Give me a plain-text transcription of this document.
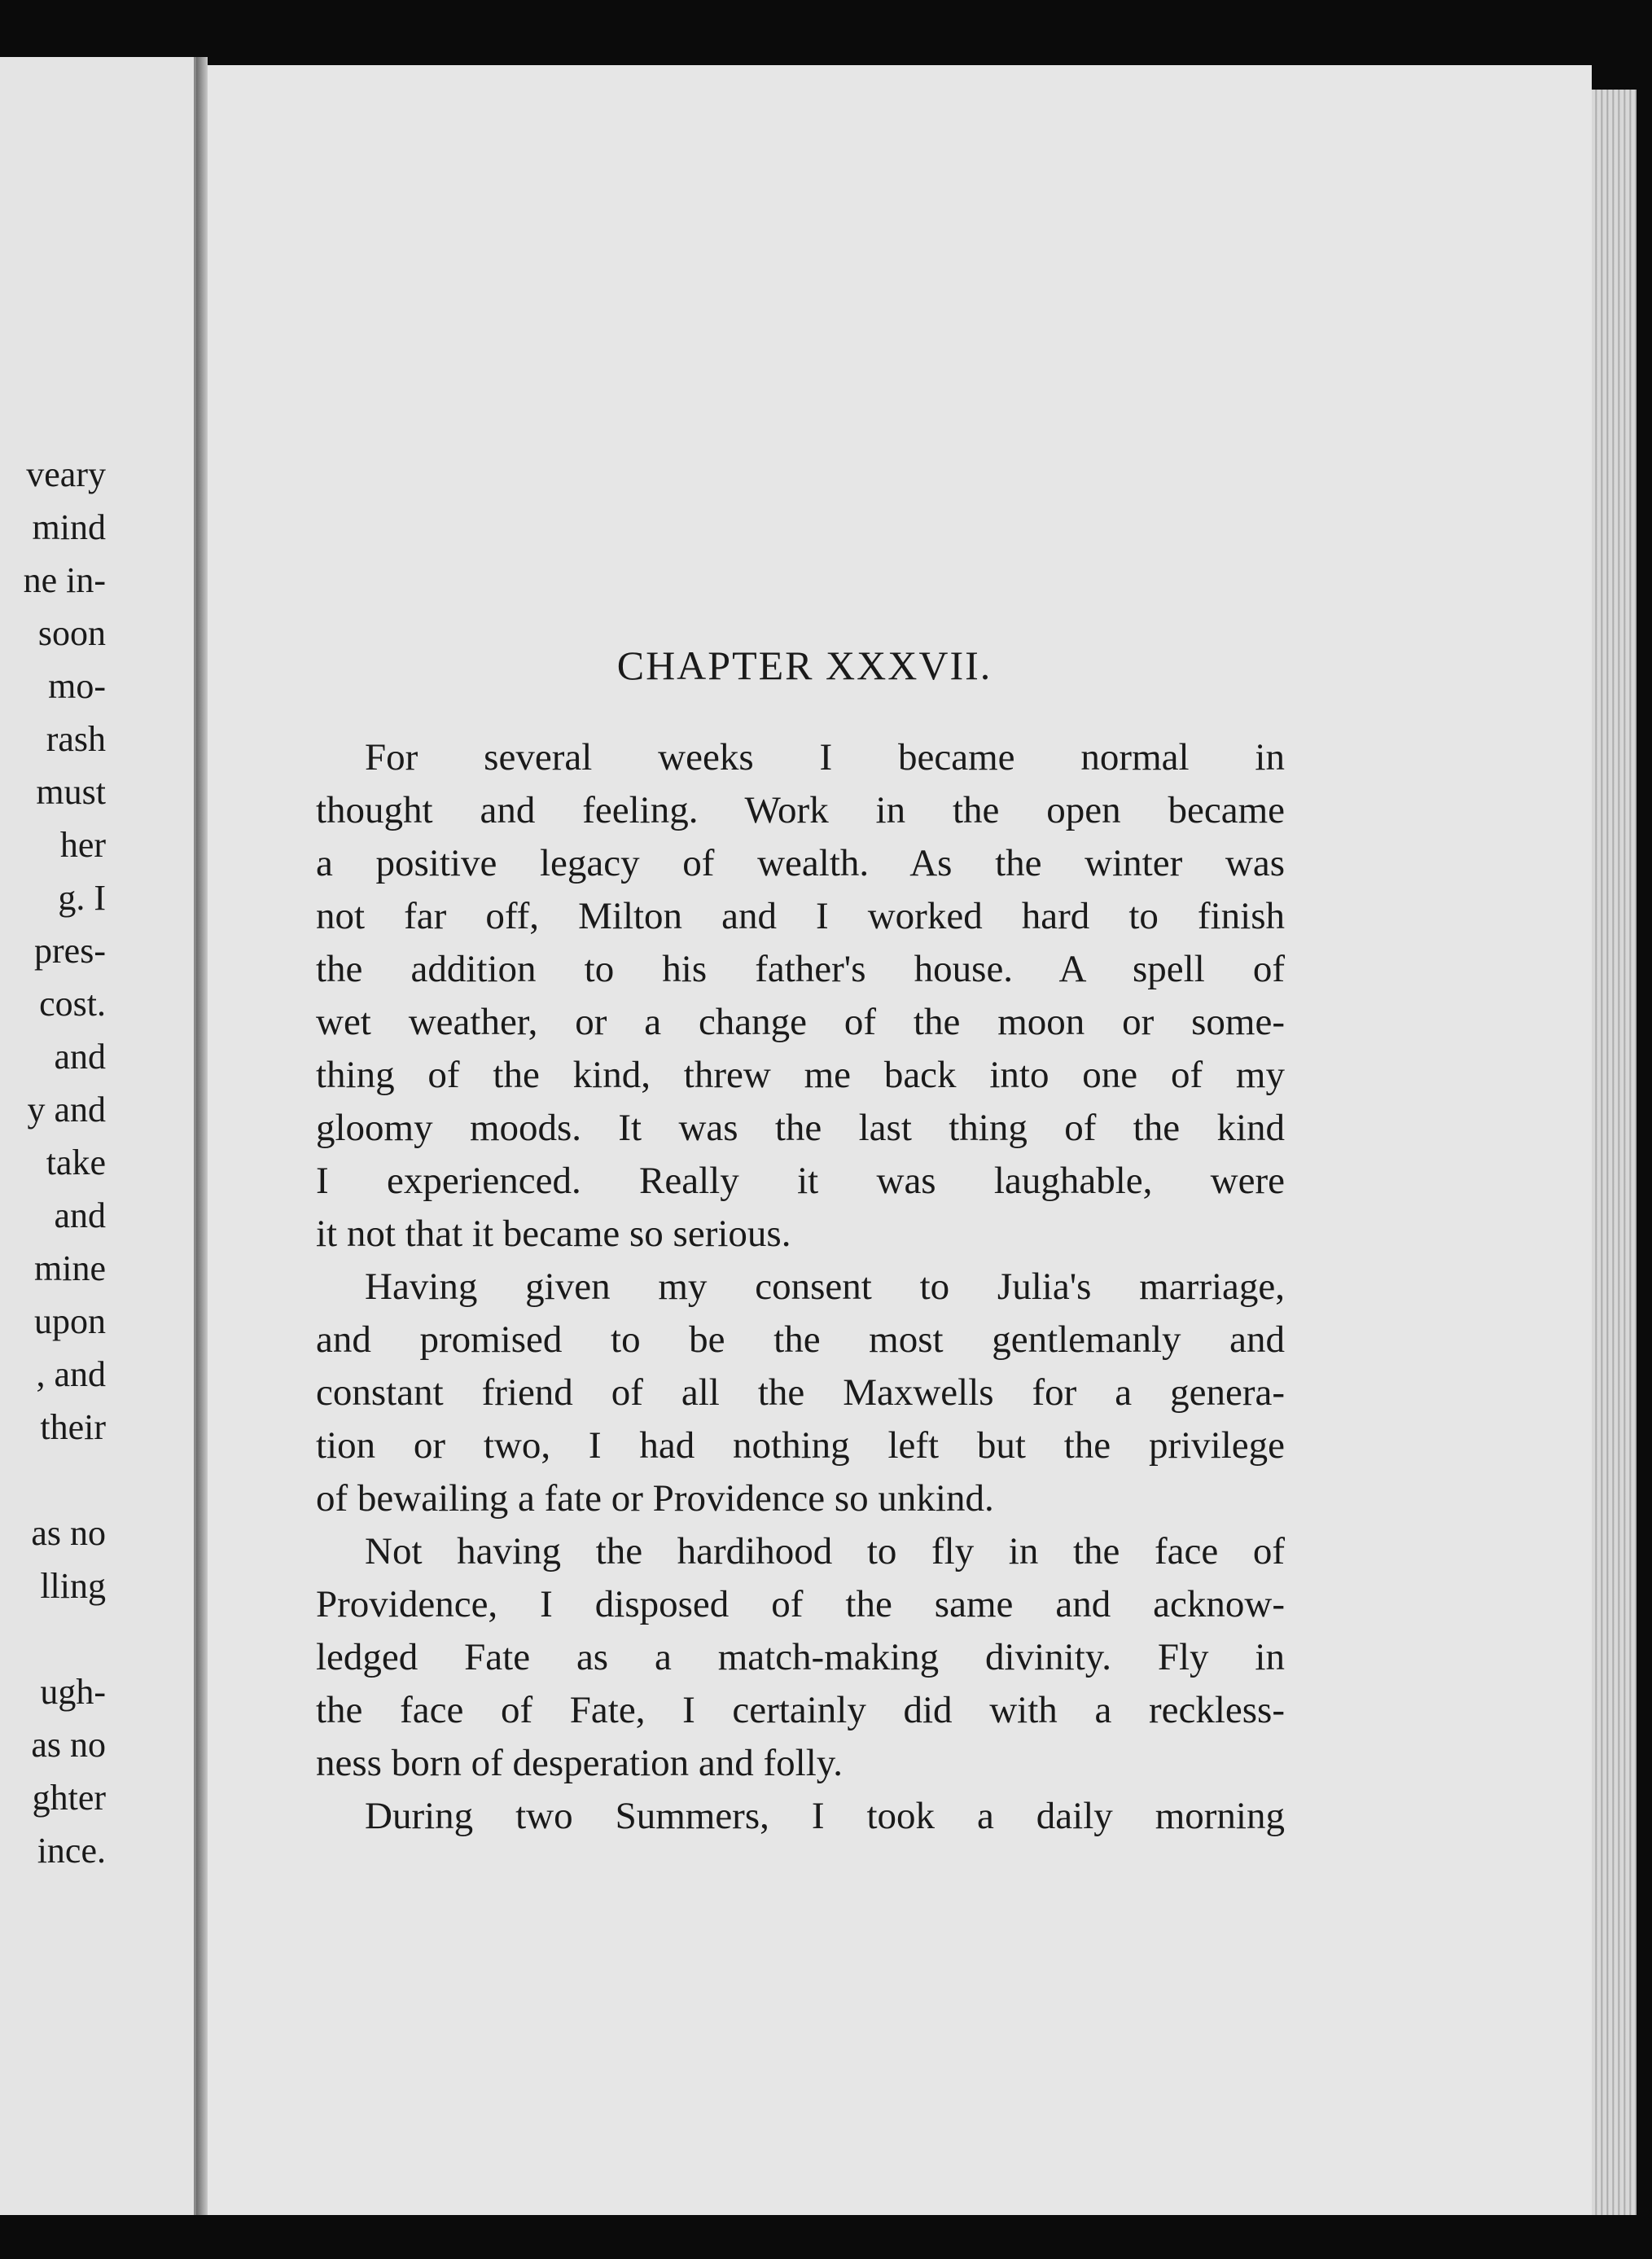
veary
mind
ne in-
soon
mo-
rash
must
her
g. I
pres-
cost.
and
y and
take
and
mine
upon
, and
their
as no
lling
ugh-
as no
ghter
ince.
CHAPTER XXXVII.
For several weeks I became normal in
thought and feeling. Work in the open became
a positive legacy of wealth. As the winter was
not far off, Milton and I worked hard to finish
the addition to his father's house. A spell of
wet weather, or a change of the moon or some-
thing of the kind, threw me back into one of my
gloomy moods. It was the last thing of the kind
I experienced. Really it was laughable, were
it not that it became so serious.
Having given my consent to Julia's marriage,
and promised to be the most gentlemanly and
constant friend of all the Maxwells for a genera-
tion or two, I had nothing left but the privilege
of bewailing a fate or Providence so unkind.
Not having the hardihood to fly in the face of
Providence, I disposed of the same and acknow-
ledged Fate as a match-making divinity. Fly in
the face of Fate, I certainly did with a reckless-
ness born of desperation and folly.
During two Summers, I took a daily morning
